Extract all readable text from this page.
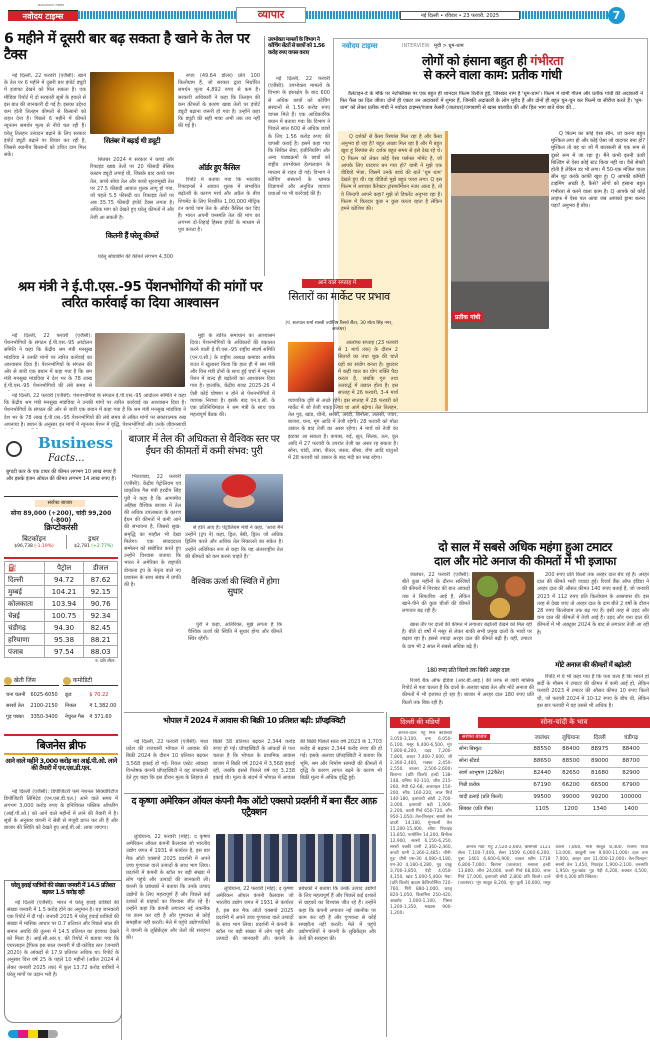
नवोदय टाइम्स
NAVODAYA TIMES
व्यापार	नई दिल्ली • रविवार • 23 फरवरी, 2025	7
6 महीने में दूसरी बार बढ़ सकता है खाने के तेल पर टैक्स

नई दिल्ली, 22 फरवरी (एजैंसी): खाने के तेल पर 6 महीने में दूसरी बार इंपोर्ट ड्यूटी में इजाफा देखने को मिल सकता है। एक मीडिया रिपोर्ट में दो सरकारी सूत्रों के हवाले से इस बात की जानकारी दी गई है। इसका उद्देश्य कम होती तिलहन कीमतों से किसानों को राहत देना है। पिछले 6 महीने में कीमतें न्यूनतम समर्थन मूल्य से नीचे चल रही हैं। घरेलू तिलहन उत्पादन बढ़ाने के लिए सरकार इंपोर्ट ड्यूटी बढ़ाने पर विचार कर रही है, जिससे स्थानीय किसानों को उचित दाम मिल सकें।

सितंबर में बढ़ाई थी ड्यूटी

सितंबर 2024 में सरकार ने कच्चे और रिफाइंड खाद्य तेलों पर 20 फीसदी बेसिक कस्टम ड्यूटी लगाई थी, जिसके बाद कच्चे पाम तेल, कच्चे सोया तेल और कच्चे सूरजमुखी तेल पर 27.5 फीसदी आयात शुल्क लागू हो गया, जो पहले 5.5 फीसदी था। रिफाइंड तेलों पर अब 35.75 फीसदी इंपोर्ट टैक्स लगता है। अधिक मांग को देखते हुए घरेलू कीमतों में और तेजी आ सकती है।

कितनी हैं घरेलू कीमतें

घरेलू सोयाबीन की कीमतें लगभग 4,300

रुपए (49.64 डॉलर) प्रति 100 किलोग्राम हैं, जो सरकार द्वारा निर्धारित समर्थन मूल्य 4,892 रुपए से कम है। सरकारी अधिकारी ने कहा कि तिलहन की कम कीमतों के कारण खाद्य तेलों पर इंपोर्ट ड्यूटी बढ़ाना जरूरी हो गया है। उन्होंने कहा कि ड्यूटी की सही मात्रा अभी तक तय नहीं की गई है।

ऑर्डर हुए कैंसिल

रिपोर्ट में बताया गया कि भारतीय रिफाइनर्स ने आयात शुल्क में संभावित बढ़ोतरी के कारण मार्च और अप्रैल के बीच शिपमेंट के लिए निर्धारित 1,00,000 मीट्रिक टन कच्चे पाम तेल के ऑर्डर कैंसिल कर दिए हैं। भारत अपनी वनस्पति तेल की मांग का लगभग दो-तिहाई हिस्सा इंपोर्ट के माध्यम से पूरा करता है।

उपभोक्ता मामलों के विभाग ने कोचिंग सेंटरों से छात्रों को 1.56 करोड़ रुपए वापस कराए

नई दिल्ली, 22 फरवरी (एजैंसी): उपभोक्ता मामलों के विभाग के हस्तक्षेप के बाद 600 से अधिक छात्रों को कोचिंग संस्थानों से 1.56 करोड़ रुपए वापस मिले हैं। एक आधिकारिक बयान में बताया गया कि विभाग ने पिछले साल 600 से अधिक छात्रों के लिए 1.56 करोड़ रुपए की वापसी कराई है। इसमें कहा गया कि सिविल सेवा, इंजीनियरिंग और अन्य पाठ्यक्रमों के छात्रों को राष्ट्रीय उपभोक्ता हेल्पलाइन के माध्यम से राहत दी गई। विभाग ने कोचिंग संस्थानों के भ्रामक विज्ञापनों और अनुचित व्यापार प्रथाओं पर भी कार्रवाई की है।

नवोदय टाइम्स	INTERVIEW मूवी > धूम-धाम
लोगों को हंसाना बहुत ही गंभीरता
से करने वाला काम: प्रतीक गांधी

वैलेंटाइन-डे के मौके पर नेटफ्लिक्स पर एक बहुत ही शानदार फिल्म रिलीज हुई, जिसका नाम है 'धूम-धाम'। फिल्म में यामी गौतम और प्रतीक गांधी की अदाकारी ने फिर फैंस का दिल जीता। दोनों ही एक्टर उन अदाकारों में शुमार हैं, जिनकी अदाकारी के लोग मुरीद हैं और दोनों ही बहुत चुन-चुन कर फिल्में या सीरीज करते हैं। 'धूम-धाम' को लेकर प्रतीक गांधी ने नवोदय टाइम्स/पंजाब केसरी (जालंधर)/जगबाणी से खास बातचीत की और हिल भाग बातें शेयर कीं...

Q दर्शकों से कैसा रिस्पांस मिल रहा है और कैसा अनुभव हो रहा है? बहुत अच्छा मिल रहा है और मैं बहुत खुश हूं रिस्पांस से। दर्शक बहुत समय से इसे देख रहे थे। Q फिल्म को लेकर कोई ऐसा पर्सनल मोमेंट है, जो आपके लिए यादगार बन गया हो? यामी ने मुझे एक वीडियो भेजा, जिसमें उनके बच्चे की बातें 'धूम धाम' देखते हुए थीं। वह वीडियो मुझे बहुत प्यारा लगा। Q इस फिल्म में आपका कैरेक्टर ट्रांसफॉर्मेशन नजर आता है, तो ये जिन्दगी आपने कहा? मुझे तो डिफरेंट अनुभव रहा है। फिल्म में किरदार कुछ न कुछ करता रहता है लेकिन हमने कोशिश की।

प्रतीक गांधी

Q फिल्म का कोई ऐसा सीन, जो करना बहुत मुश्किल लगा हो और कोई ऐसा जो यादगार बना हो? मुश्किल तो यह था जो मैं बालकनी से एक रूम से दूसरे रूम में जा रहा हूं। मैंने कभी इतनी ऊंची बिल्डिंग से ऐसा कोई स्टंट किया नहीं था। वैसे सेफ्टी होती है लेकिन डर भी लगा। मैं 50-एक मंजिल वाला सीन शूट करके काफी खुश हूं। Q आपकी कॉमेडी टाइमिंग अच्छी है, कैसे? लोगों को हंसाना बहुत गंभीरता से करने वाला काम है। Q आपके को कोई लाइफ में ऐसा पल आया जब आपको ड्रामा करना पड़ा? अनुभव है बोथ।

श्रम मंत्री ने ई.पी.एस.-95 पेंशनभोगियों की मांगों पर त्वरित कार्रवाई का दिया आश्वासन

नई दिल्ली, 22 फरवरी (एजैंसी): पेंशनभोगियों के संगठन ई.पी.एस.-95 आंदोलन समिति ने कहा कि केंद्रीय श्रम मंत्री मनसुख मांडविया ने उनकी मांगों पर त्वरित कार्रवाई का आश्वासन दिया है। पेंशनभोगियों के संगठन की ओर से जारी एक बयान में कहा गया है कि श्रम मंत्री मनसुख मांडविया ने देश भर के 78 लाख ई.पी.एस.-95 पेंशनभोगियों की लंबे समय से

मुद्दों के त्वरित समाधान का आश्वासन दिया। पेंशनभोगियों के अधिकारों की वकालत करने वाली ई.पी.एस.-95 राष्ट्रीय संघर्ष समिति (एन.ए.सी.) के राष्ट्रीय अध्यक्ष कमांडर अशोक राउत ने खुलासा किया कि हाल ही में श्रम मंत्री और वित्त मंत्री दोनों के साथ हुई चर्चा में न्यूनतम पेंशन में जल्द ही बढ़ोतरी का आश्वासन दिया गया है। हालांकि, केंद्रीय बजट 2025-26 में ऐसी कोई घोषणा न होने से पेंशनभोगियों में व्यापक निराशा है। इसके बाद एन.ए.सी. के एक प्रतिनिधिमंडल ने श्रम मंत्री के साथ एक महत्वपूर्ण बैठक की।

नई दिल्ली, 22 फरवरी (एजैंसी): पेंशनभोगियों के संगठन ई.पी.एस.-95 आंदोलन समिति ने कहा कि केंद्रीय श्रम मंत्री मनसुख मांडविया ने उनकी मांगों पर त्वरित कार्रवाई का आश्वासन दिया है। पेंशनभोगियों के संगठन की ओर से जारी एक बयान में कहा गया है कि श्रम मंत्री मनसुख मांडविया ने देश भर के 78 लाख ई.पी.एस.-95 पेंशनभोगियों की लंबे समय से लंबित मांगों पर सकारात्मक रुख अपनाया है। बयान के अनुसार इन मांगों में न्यूनतम पेंशन में वृद्धि, पेंशनभोगियों और उनके जीवनसाथी

आने वाले सप्ताह में
सितारों का मार्केट पर प्रभाव
(पं. सतपाल शर्मा शास्त्री ज्योतिष रिसर्च सैंटर, 30 मोता सिंह नगर, जालंधर)

आलोच्य सप्ताह (23 फरवरी से 1 मार्च तक) के दौरान 2 सितारों का तथा शुक्र की चालें ग्रहों का संयोग बनता है। बुधवार में कहीं चाल का योग शक्ति पैदा करता है, जबकि गुरु तथा उत्तरार्द्ध में उछाल होता है। इस सप्ताह में 26 फरवरी, 3-4 मार्च व्यापारिक दृष्टि से अच्छे रहेंगे। इस सप्ताह में 28 फरवरी को मार्केट में जो तेजी पकड़ लिया था आगे बढ़ेगा। तेल तिलहन, तेल गुड़, खांड, चीनी, सरसों, अरंडी, बिनौला, अलसी, ज्वार, बाजरा, चना, मूंग आदि में तेजी रहेगी। 28 फरवरी को मोठा उछाल के बाद तेजी का असर रहेगा। 4 मार्च को तेजी का झटका आ सकता है। कपास, रुई, सूत, सिल्क, ऊन, वूल आदि में 27 फरवरी के उपरांत तेजी का असर रह सकता है। सोना, चांदी, तांबा, पीतल, जस्ता, सीसा, राँगा आदि धातुओं में 28 फरवरी को उछाल के बाद मंदी का रुख रहेगा।

Business
Facts...
बुगाटी कार के एक टायर की कीमत लगभग 10 लाख रुपए है और इसके इंजन ऑयल की कीमत लगभग 14 लाख रुपए है।
सर्राफा बाजार
सोना 89,000 (+200), चांदी 99,200 (-800)
क्रिप्टोकरंसी
बिटकॉइन
$96,738 (-1.19%)
इथर
$2,781 (+2.77%)
⛽	पैट्रोल	डीजल
दिल्ली	94.72	87.62
मुम्बई	104.21	92.15
कोलकाता	103.94	90.76
चेन्नई	100.75	92.34
चंडीगढ़	94.30	82.45
हरियाणा	95.38	88.21
पंजाब	97.54	88.03
रु. प्रति लीटर		
खेती जिंस	कमोडिटी
चना चलनी	6025-6050
सरसों तेल	2100-2150
गुड़ पक्का	3350-3400
क्रूड	$ 70.22
निकल	₹ 1,382.00
नेचुरल गैस	₹ 371.60
बिजनेस ब्रीफ
आने वाले महीने 3,000 करोड़ का आई.पी.ओ. लाने की तैयारी में एन.एस.डी.एल.

नई दिल्ली (एजैंसी): डिपॉजिटरी फर्म नेशनल सिक्योरिटीज डिपॉजिटरी लिमिटेड (एन.एस.डी.एल.) आने वाले समय में लगभग 3,000 करोड़ रुपए के इनिशियल पब्लिक ऑफरिंग (आई.पी.ओ.) को आने वाले महीनों में लाने की तैयारी में है। सूत्रों के अनुसार कंपनी ने सेबी से मंजूरी प्राप्त कर ली है और बाजार की स्थिति को देखते हुए आई.पी.ओ. लाया जाएगा।

घरेलू हवाई यात्रियों की संख्या जनवरी में 14.5 प्रतिशत बढ़कर 1.5 करोड़ रही

नई दिल्ली (एजैंसी): भारत में घरेलू हवाई यात्रियों की संख्या जनवरी में 1.5 करोड़ होने का अनुमान है। यह जानकारी एक रिपोर्ट में दी गई। जनवरी 2025 में घरेलू हवाई यात्रियों की संख्या में मासिक आधार पर 0.7 प्रतिशत और पिछले साल की समान अवधि की तुलना में 14.5 प्रतिशत का इजाफा देखने को मिला है। आई.सी.आर.ए. की रिपोर्ट में बताया गया कि एयरलाइन ट्रैफिक इस साल जनवरी में प्री-कोविड स्तर (जनवरी 2020) के आंकड़ों से 17.9 प्रतिशत अधिक था। रिपोर्ट के अनुसार वित्त वर्ष 25 के पहले 10 महीनों (अप्रैल 2024 से लेकर जनवरी 2025 तक) में कुल 13.72 करोड़ यात्रियों ने घरेलू मार्गों पर उड़ान भरी है।

बाजार में तेल की अधिकता से वैश्विक स्तर पर ईंधन की कीमतों में कमी संभव: पुरी

भितावाडा, 22 फरवरी (एजैंसी): केंद्रीय पेट्रोलियम एवं प्राकृतिक गैस मंत्री हरदीप सिंह पुरी ने कहा है कि आगामीय अहिंसा वैश्विक बाजार में तेल की अधिक उपलब्धता के कारण ईंधन की कीमतों में कमी आने की संभावना है, जिससे सुख-समृद्धि का माहौल भी देखा मिलेगा। एक संवाददाता सम्मेलन को संबोधित करते हुए उन्होंने विश्वास जताया कि भारत ने अमेरिका के राष्ट्रपति डोनाल्ड ट्रंप के नेतृत्व वाले नए प्रशासन के साथ संबंध में प्रगति की है।

से होते आए हैं। पेट्रोलियम मंत्री ने कहा, 'आज मैंने उन्होंने (ट्रंप ने) कहा, ड्रिल, बेबी, ड्रिल। जो अधिक ड्रिलिंग करते और अधिक तेल निकालते का संकेत है। उन्होंने अतिरिक्त रूप से कहा कि यह अंतरराष्ट्रीय तेल की कीमतों को कम करना चाहते हैं।'

वैश्विक ऊर्जा की स्थिति में होगा सुधार

पुरी ने कहा, अतिरिक्त, मुझे लगता है कि वैश्विक ऊर्जा की स्थिति में सुधार होगा और कीमतें स्थिर रहेंगी।

दो साल में सबसे अधिक महंगा हुआ टमाटर
दाल और मोटे अनाज की कीमतों में भी इजाफा

जालंधर, 22 फरवरी (एजैंसी): बीते कुछ महीनों के दौरान सब्जियों की कीमतों में गिरावट की बात आंकड़ों तक ने सिफारिश आई है, लेकिन खाने-पीने की कुछ चीजों की कीमतें लगातार बढ़ रही हैं।

खास तौर पर दालों की कीमत में लगातार बढ़ोतरी देखने को मिल रही है। बीते दो वर्षों में मसूर से लेकर बाकी सभी प्रमुख दालों के भावों पर बढ़ाव रहा है। इससे ज्यादा अरहर दाल की कीमतें बढ़ी हैं। वहीं, टमाटर के दाम भी 2 साल में सबसे अधिक बढ़े हैं।

180 रुपए प्रति किलो तक बिकी अरहर दाल

रिजर्व बैंक ऑफ इंडिया (आर.बी.आई.) की तरफ से जारी मासिक रिपोर्ट से पता चलता है कि दालों के अलावा खाद्य तेल और मोटे अनाज की कीमतों में भी इजाफा हो रहा है। बाजार में अरहर दाल 180 रुपए प्रति किलो तक बिक रही है।

200 रुपए प्रति किलो तक अरहर दाल बेच रहे हैं। अरहर दाल की कीमतें भारी ज्यादा हुई। रिजर्व बैंक ऑफ इंडिया ने अरहर दाल की औसत कीमत 140 रुपए बताई है, जो जनवरी 2023 में 112 रुपए प्रति किलोग्राम के आसपास थी। इस तरह से देखा जाए तो अरहर दाल के दाम बीते 2 वर्षों के दौरान 28 रुपए किलोग्राम तक बढ़ गए हैं। इसी तरह से उड़द और चना दाल की कीमतों में तेजी आई है। उड़द और चना दाल की कीमतों में भी अक्टूबर 2024 के बाद से लगातार तेजी आ रही है।

मोटे अनाज की कीमतों में बढ़ोतरी

रिपोर्ट में ये भी कहा गया है कि पता चला है कि भारते हो सर्दी के मौसम ने टमाटर की कीमत में कमी आई हो, लेकिन फरवरी 2023 में टमाटर की औसत कीमत 10 रुपए किलो थी, जो फरवरी 2024 में 10-12 रुपए के बीच थी, लेकिन इस बार फरवरी में यह उससे भी अधिक है।

भोपाल में 2024 में आवास की बिक्री 10 प्रतिशत बढ़ी: प्रॉपइक्विटी

नई दिल्ली, 22 फरवरी (एजैंसी): मध्य प्रदेश की राजधानी भोपाल में आवास की बिक्री 2024 के दौरान 10 प्रतिशत बढ़कर 3,568 इकाई हो गई। रियल एस्टेट आंकड़ा विश्लेषक कंपनी प्रॉपइक्विटी ने यह जानकारी देते हुए कहा कि इस दौरान मूल्य के लिहाज से बिक्री 38 प्रतिशत बढ़कर 2,344 करोड़ रुपए हो गई। प्रॉपइक्विटी के आंकड़ों से पता चलता है कि भोपाल के प्राथमिक आवास बाजार में बिक्री वर्ष 2024 में 3,568 इकाई रही, जबकि इससे पिछले वर्ष यह 3,238 इकाई थी। मूल्य के संदर्भ में भोपाल में आवास की बिक्री पिछले साल वर्ष 2023 के 1,703 करोड़ से बढ़कर 2,344 करोड़ रुपए की हो गई। इसके अलावा प्रॉपइक्विटी ने बताया कि भूमि, श्रम और निर्माण सामग्री की कीमतों में वृद्धि के कारण लागत बढ़ने के कारण भी बिक्री मूल्य में अधिक वृद्धि हुई।

द कृष्णा अमेरिकन ऑयल कंपनी मैक ऑटो एक्सपो प्रदर्शनी में बना सैंटर आफ़ एट्रैक्शन

लुधियाना, 22 फरवरी (मोहं): द कृष्णा अमेरिकन ऑयल कंपनी कैलवास जो भारतीय उद्योग जगत में 1931 से कार्यरत है, इस बार मैक ऑटो एक्सपो 2025 प्रदर्शनी में अपने उच्च गुणवत्ता वाले उत्पादों के साथ भाग लिया। प्रदर्शनी में कंपनी के स्टॉल पर बड़ी संख्या में लोग पहुंचे और उत्पादों की जानकारी ली। कंपनी के प्रबंधकों ने बताया कि उनके उत्पाद उद्योगों के लिए महत्वपूर्ण हैं और पिछले कई दशकों से ग्राहकों का विश्वास जीत रहे हैं। उन्होंने कहा कि कंपनी लगातार नई तकनीक पर काम कर रही है और गुणवत्ता से कोई समझौता नहीं करती। मेले में पहुंचे उद्योगपतियों ने कंपनी के लुब्रिकेंट्स और तेलों की सराहना की।

लुधियाना, 22 फरवरी (मोहं): द कृष्णा अमेरिकन ऑयल कंपनी कैलवास जो भारतीय उद्योग जगत में 1931 से कार्यरत है, इस बार मैक ऑटो एक्सपो 2025 प्रदर्शनी में अपने उच्च गुणवत्ता वाले उत्पादों के साथ भाग लिया। प्रदर्शनी में कंपनी के स्टॉल पर बड़ी संख्या में लोग पहुंचे और उत्पादों की जानकारी ली। कंपनी के प्रबंधकों ने बताया कि उनके उत्पाद उद्योगों के लिए महत्वपूर्ण हैं और पिछले कई दशकों से ग्राहकों का विश्वास जीत रहे हैं। उन्होंने कहा कि कंपनी लगातार नई तकनीक पर काम कर रही है और गुणवत्ता से कोई समझौता नहीं करती। मेले में पहुंचे उद्योगपतियों ने कंपनी के लुब्रिकेंट्स और तेलों की सराहना की।

दिल्ली की मंडियाँ

अनाज-दाल: गेहूं मिल क्वालिटी 3,050-3,100, चना 6,050-6,100, मसूर 6,400-6,500, मूंग 7,800-8,200, उड़द 7,200-7,800, अरहर 7,400-7,600, जौ 2,300-2,400, मक्का 2,450-2,550, बाजरा 2,500-2,600। किराना: (प्रति किलो) हल्दी 138-148, धनिया 92-110, जीरा 215-260, मेथी 62-68, अजवाइन 150-200, सौंफ 160-220, लाल मिर्च 140-180, इलायची छोटी 2,700-3,000, इलायची बड़ी 1,900-2,200, काली मिर्च 650-720, लौंग 950-1,050। तेल-तिलहन: सरसों तेल दादरी 14,100, मूंगफली तेल 15,200-15,400, सोया रिफाइंड 13,850, पामोलिन 14,200, बिनौला 12,900, सरसों 6,150-6,250, सरसों पक्की घानी 2,360-2,460, कच्ची घानी 2,360-2,485। चीनी-गुड़: चीनी एस-30 4,080-4,180, एम-30 4,180-4,280, गुड़ चाकू 3,700-3,850, पेड़ी 4,050-4,150, खांड 5,000-5,400। मेवा: (प्रति किलो) बादाम कैलिफोर्निया 720-760, गिरी 880-1,000, काजू 820-1,050, किशमिश 250-420, अखरोट 1,000-1,100, पिस्ता 1,200-1,350, मखाना 900-1,200।

सोना-चांदी के भाव
सर्राफा बाजार	जालंधर	लुधियाना	दिल्ली	चंडीगढ़
सोना बिस्कुट	88550	88400	88975	88400
सोना स्टैंडर्ड	88650	88500	89000	88700
स्वर्ण आभूषण (22कैरेट)	82440	82650	81680	82900
गिन्नी प्रत्येक	67190	66200	66500	67900
चांदी ढलाई (प्रति किलो)	99500	99000	99200	100000
सिक्का (प्रति पीस)	1105	1200	1340	1400

अनाज मंडी: गेहूं 2,520-2,600, बासमती 1121 सेला 7,100-7,400, सेला 1509 6,000-6,200, पूसा 1401 6,600-6,900, चावल स्टीम 1718 6,800-7,000। किराना (जालंधर): मसाला हल्दी 13,800, जीरा 24,000, काली मिर्च 68,000, लाल मिर्च 17,000, इलायची छोटी 2,800 प्रति किलो। दालें (जालंधर): मूंग साबुत 8,200, मूंग धुली 10,000, मसूर काली 7,800, माश साबुत 8,400, राजमा चित्रा 13,000, काबुली चना 9,000-11,000। दाल चना 7,000, अरहर दाल 11,000-12,000। तेल-तिलहन: सरसों तेल 1,450, रिफाइंड 1,900-2,100, वनस्पति 1,950। गुड़-खांड: गुड़ पेड़ी 4,200, शक्कर 4,500, चीनी 4,300 प्रति क्विंटल।
